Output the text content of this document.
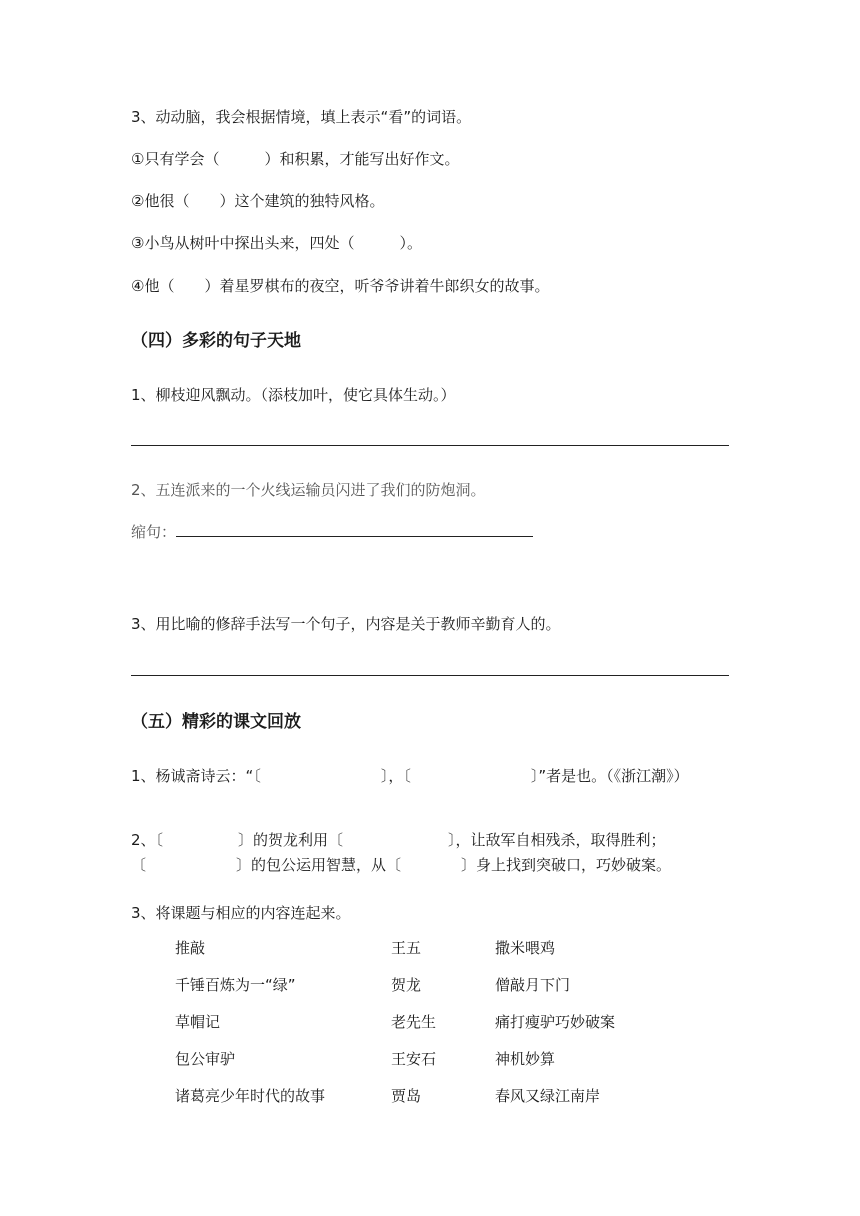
3、动动脑，我会根据情境，填上表示“看”的词语。
①只有学会（　　　）和积累，才能写出好作文。
②他很（　　）这个建筑的独特风格。
③小鸟从树叶中探出头来，四处（　　　）。
④他（　　）着星罗棋布的夜空，听爷爷讲着牛郎织女的故事。
（四）多彩的句子天地
1、柳枝迎风飘动。（添枝加叶，使它具体生动。）
2、五连派来的一个火线运输员闪进了我们的防炮洞。
缩句：
3、用比喻的修辞手法写一个句子，内容是关于教师辛勤育人的。
（五）精彩的课文回放
1、杨诚斋诗云：“〔　　　　　　　　〕，〔　　　　　　　　〕”者是也。（《浙江潮》）
2、〔　　　　　〕的贺龙利用〔　　　　　　　〕，让敌军自相残杀，取得胜利；〔　　　　　　〕的包公运用智慧，从〔　　　　〕身上找到突破口，巧妙破案。
3、将课题与相应的内容连起来。
推敲
千锤百炼为一“绿”
草帽记
包公审驴
诸葛亮少年时代的故事
王五
贺龙
老先生
王安石
贾岛
撒米喂鸡
僧敲月下门
痛打瘦驴巧妙破案
神机妙算
春风又绿江南岸
